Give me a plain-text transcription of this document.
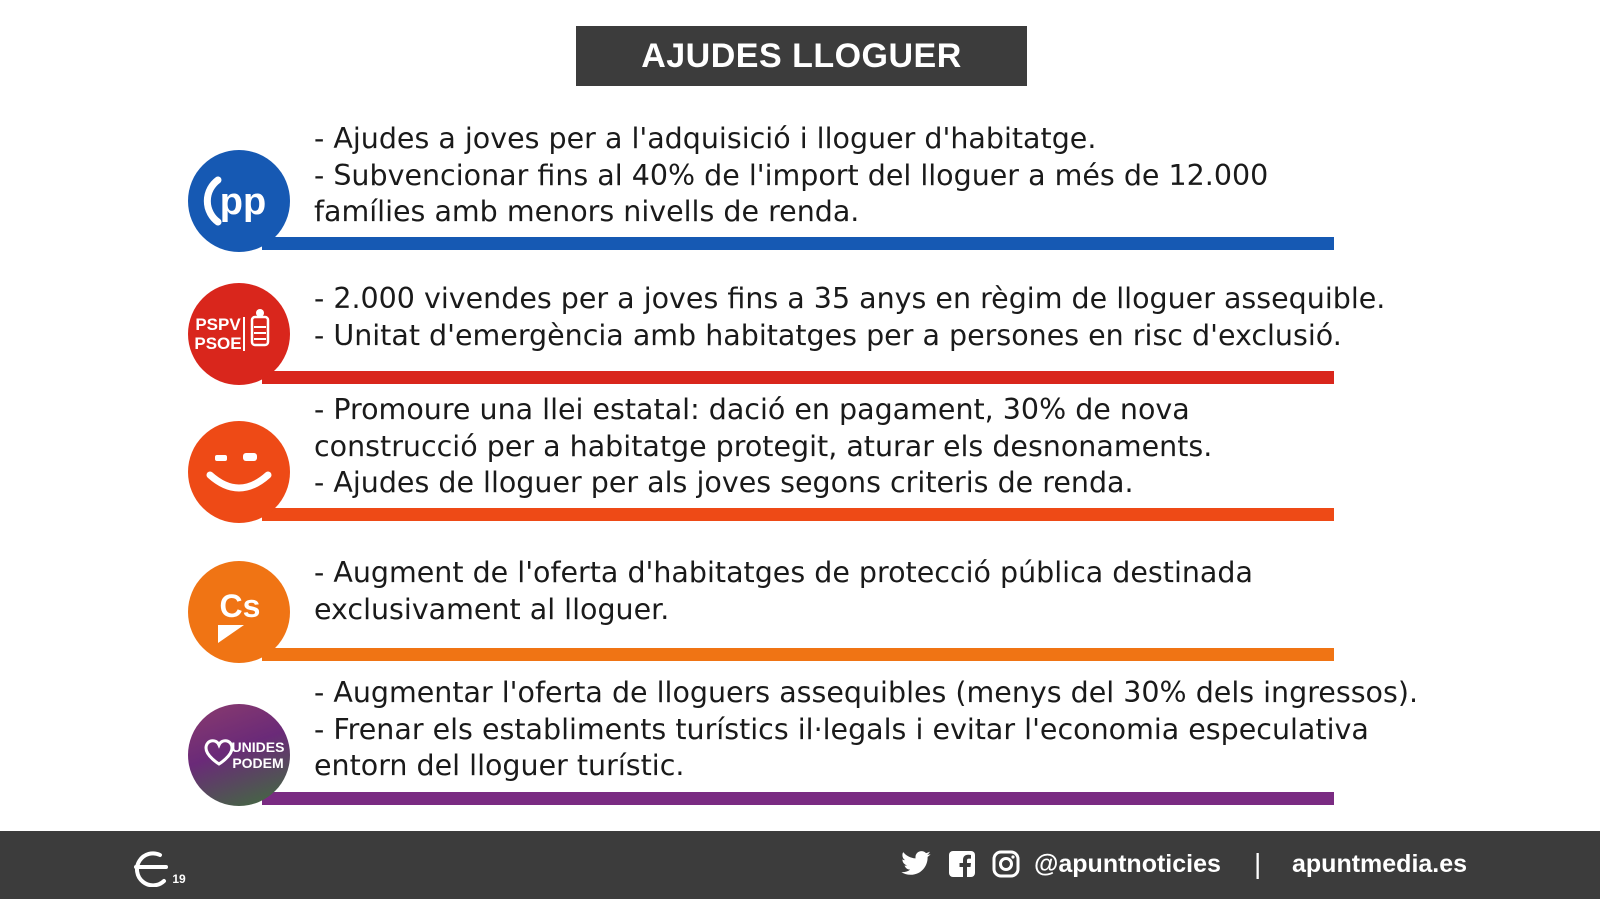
AJUDES LLOGUER
pp
- Ajudes a joves per a l'adquisició i lloguer d'habitatge.
- Subvencionar fins al 40% de l'import del lloguer a més de 12.000
famílies amb menors nivells de renda.
PSPV
PSOE
- 2.000 vivendes per a joves fins a 35 anys en règim de lloguer assequible.
- Unitat d'emergència amb habitatges per a persones en risc d'exclusió.
- Promoure una llei estatal: dació en pagament, 30% de nova
construcció per a habitatge protegit, aturar els desnonaments.
- Ajudes de lloguer per als joves segons criteris de renda.
Cs
- Augment de l'oferta d'habitatges de protecció pública destinada
exclusivament al lloguer.
UNIDES
PODEM
- Augmentar l'oferta de lloguers assequibles (menys del 30% dels ingressos).
- Frenar els establiments turístics il·legals i evitar l'economia especulativa
entorn del lloguer turístic.
19
@apuntnoticies | apuntmedia.es
